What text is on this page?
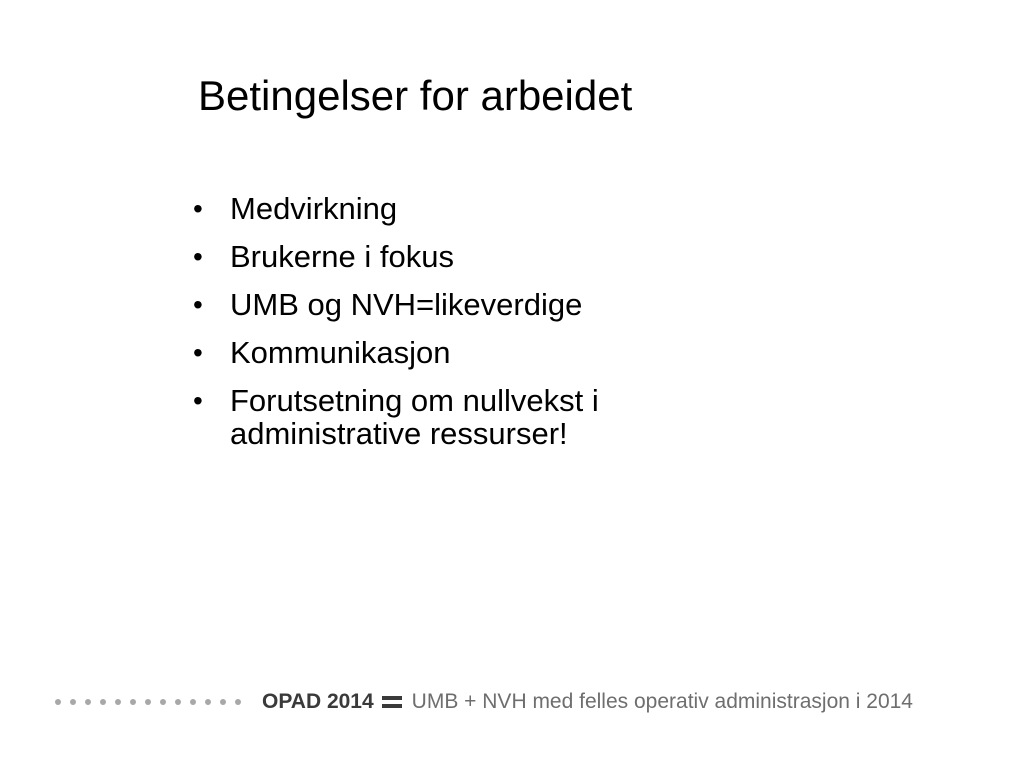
Betingelser for arbeidet
• Medvirkning
• Brukerne i fokus
• UMB og NVH=likeverdige
• Kommunikasjon
• Forutsetning om nullvekst i administrative ressurser!
OPAD 2014 UMB + NVH med felles operativ administrasjon i 2014
